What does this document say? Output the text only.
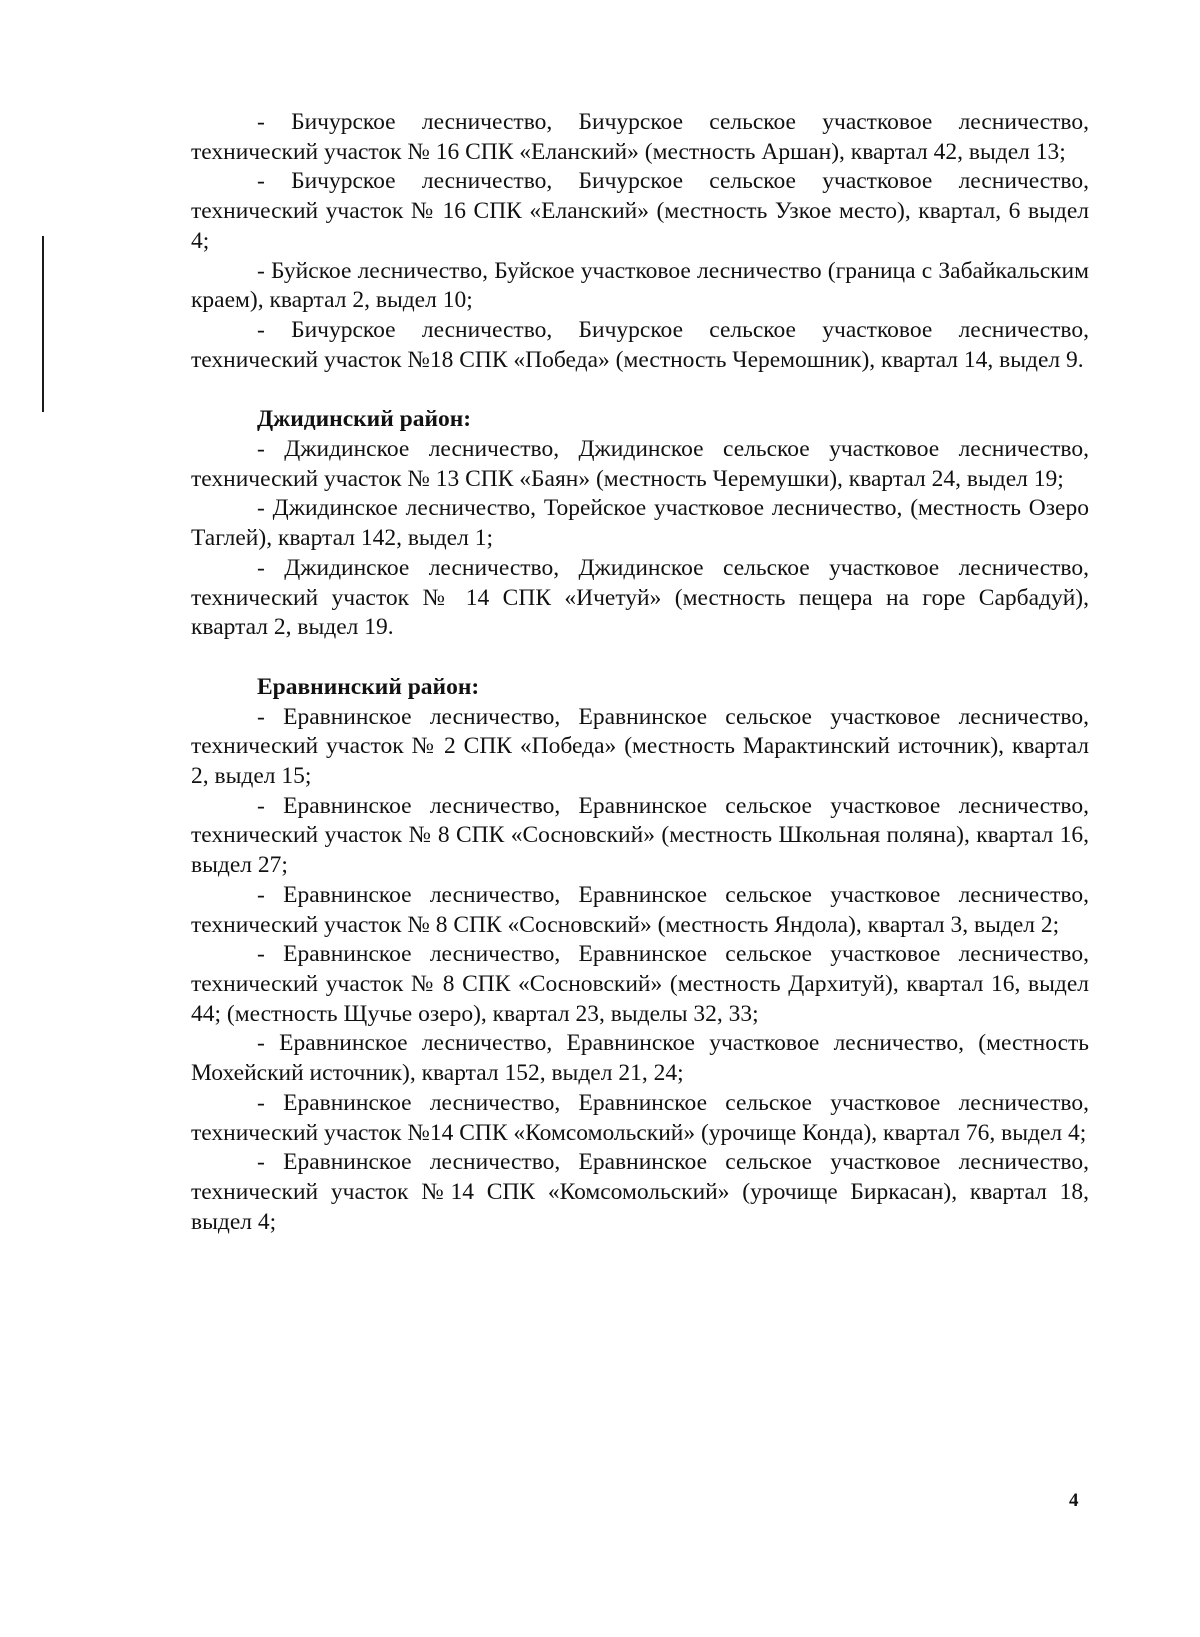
- Бичурское лесничество, Бичурское сельское участковое лесничество, технический участок № 16 СПК «Еланский» (местность Аршан), квартал 42, выдел 13;

- Бичурское лесничество, Бичурское сельское участковое лесничество, технический участок № 16 СПК «Еланский» (местность Узкое место), квартал, 6 выдел 4;

- Буйское лесничество, Буйское участковое лесничество (граница с Забайкальским краем), квартал 2, выдел 10;

- Бичурское лесничество, Бичурское сельское участковое лесничество, технический участок №18 СПК «Победа» (местность Черемошник), квартал 14, выдел 9.

Джидинский район:

- Джидинское лесничество, Джидинское сельское участковое лесничество, технический участок № 13 СПК «Баян» (местность Черемушки), квартал 24, выдел 19;

- Джидинское лесничество, Торейское участковое лесничество, (местность Озеро Таглей), квартал 142, выдел 1;

- Джидинское лесничество, Джидинское сельское участковое лесничество, технический участок № 14 СПК «Ичетуй» (местность пещера на горе Сарбадуй), квартал 2, выдел 19.

Еравнинский район:

- Еравнинское лесничество, Еравнинское сельское участковое лесничество, технический участок № 2 СПК «Победа» (местность Марактинский источник), квартал 2, выдел 15;

- Еравнинское лесничество, Еравнинское сельское участковое лесничество, технический участок № 8 СПК «Сосновский» (местность Школьная поляна), квартал 16, выдел 27;

- Еравнинское лесничество, Еравнинское сельское участковое лесничество, технический участок № 8 СПК «Сосновский» (местность Яндола), квартал 3, выдел 2;

- Еравнинское лесничество, Еравнинское сельское участковое лесничество, технический участок № 8 СПК «Сосновский» (местность Дархитуй), квартал 16, выдел 44; (местность Щучье озеро), квартал 23, выделы 32, 33;

- Еравнинское лесничество, Еравнинское участковое лесничество, (местность Мохейский источник), квартал 152, выдел 21, 24;

- Еравнинское лесничество, Еравнинское сельское участковое лесничество, технический участок №14 СПК «Комсомольский» (урочище Конда), квартал 76, выдел 4;

- Еравнинское лесничество, Еравнинское сельское участковое лесничество, технический участок №14 СПК «Комсомольский» (урочище Биркасан), квартал 18, выдел 4;

4
